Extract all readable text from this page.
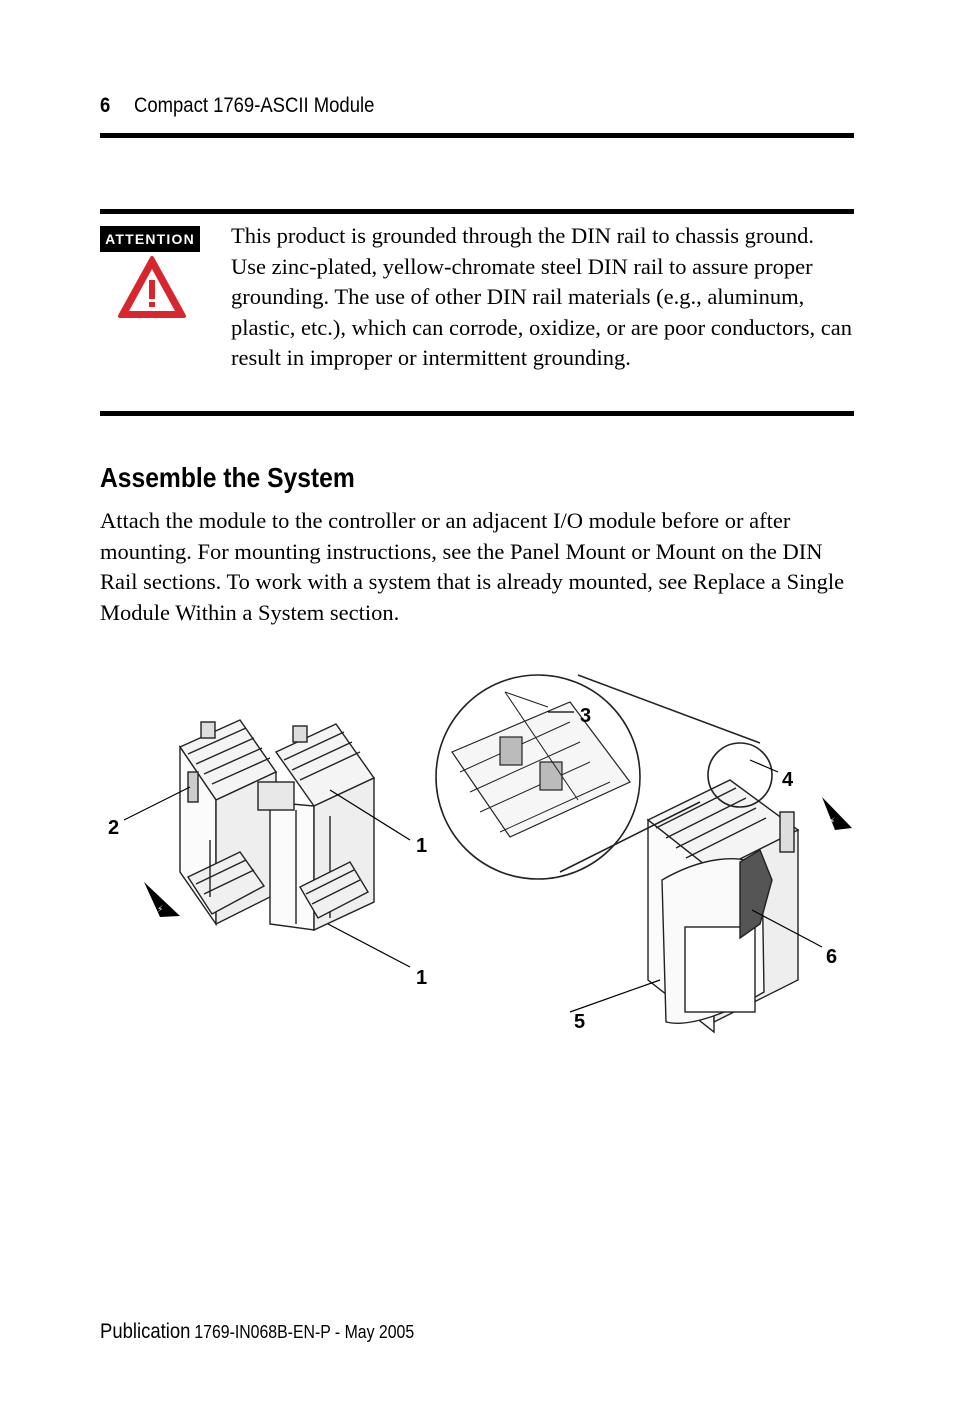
6 Compact 1769-ASCII Module
ATTENTION This product is grounded through the DIN rail to chassis ground. Use zinc-plated, yellow-chromate steel DIN rail to assure proper grounding. The use of other DIN rail materials (e.g., aluminum, plastic, etc.), which can corrode, oxidize, or are poor conductors, can result in improper or intermittent grounding.
Assemble the System
Attach the module to the controller or an adjacent I/O module before or after mounting. For mounting instructions, see the Panel Mount or Mount on the DIN Rail sections. To work with a system that is already mounted, see Replace a Single Module Within a System section.
⚡
⚡
2
1
1
3
4
5
6
Publication 1769-IN068B-EN-P - May 2005
